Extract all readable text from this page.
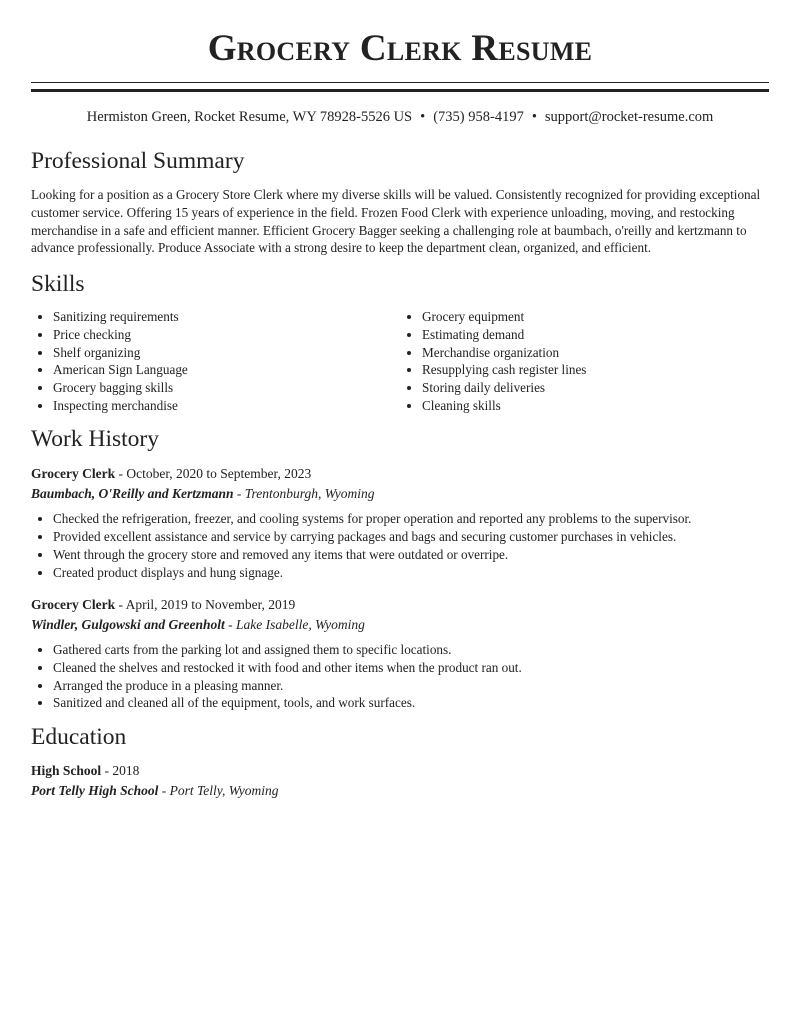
Grocery Clerk Resume
Hermiston Green, Rocket Resume, WY 78928-5526 US • (735) 958-4197 • support@rocket-resume.com
Professional Summary
Looking for a position as a Grocery Store Clerk where my diverse skills will be valued. Consistently recognized for providing exceptional customer service. Offering 15 years of experience in the field. Frozen Food Clerk with experience unloading, moving, and restocking merchandise in a safe and efficient manner. Efficient Grocery Bagger seeking a challenging role at baumbach, o'reilly and kertzmann to advance professionally. Produce Associate with a strong desire to keep the department clean, organized, and efficient.
Skills
• Sanitizing requirements
• Price checking
• Shelf organizing
• American Sign Language
• Grocery bagging skills
• Inspecting merchandise
• Grocery equipment
• Estimating demand
• Merchandise organization
• Resupplying cash register lines
• Storing daily deliveries
• Cleaning skills
Work History
Grocery Clerk - October, 2020 to September, 2023
Baumbach, O'Reilly and Kertzmann - Trentonburgh, Wyoming
• Checked the refrigeration, freezer, and cooling systems for proper operation and reported any problems to the supervisor.
• Provided excellent assistance and service by carrying packages and bags and securing customer purchases in vehicles.
• Went through the grocery store and removed any items that were outdated or overripe.
• Created product displays and hung signage.
Grocery Clerk - April, 2019 to November, 2019
Windler, Gulgowski and Greenholt - Lake Isabelle, Wyoming
• Gathered carts from the parking lot and assigned them to specific locations.
• Cleaned the shelves and restocked it with food and other items when the product ran out.
• Arranged the produce in a pleasing manner.
• Sanitized and cleaned all of the equipment, tools, and work surfaces.
Education
High School - 2018
Port Telly High School - Port Telly, Wyoming
